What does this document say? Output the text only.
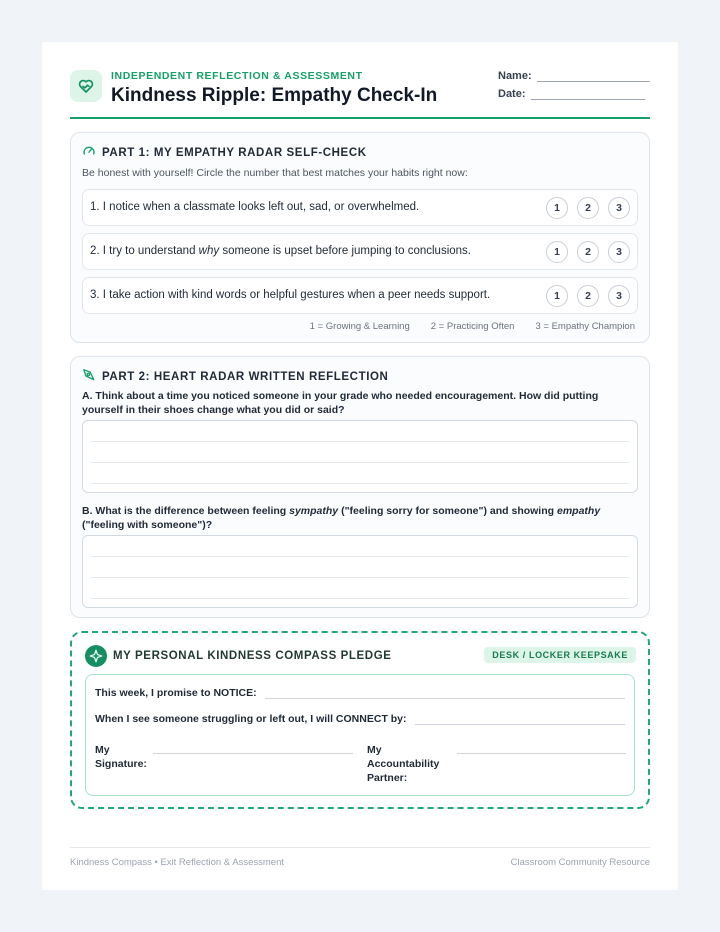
INDEPENDENT REFLECTION & ASSESSMENT
Kindness Ripple: Empathy Check-In
Name:
Date:
PART 1: MY EMPATHY RADAR SELF-CHECK
Be honest with yourself! Circle the number that best matches your habits right now:
1. I notice when a classmate looks left out, sad, or overwhelmed.	1	2	3
2. I try to understand why someone is upset before jumping to conclusions.	1	2	3
3. I take action with kind words or helpful gestures when a peer needs support.	1	2	3
1 = Growing & Learning 2 = Practicing Often 3 = Empathy Champion
PART 2: HEART RADAR WRITTEN REFLECTION
A. Think about a time you noticed someone in your grade who needed encouragement. How did putting yourself in their shoes change what you did or said?
B. What is the difference between feeling sympathy ("feeling sorry for someone") and showing empathy ("feeling with someone")?
MY PERSONAL KINDNESS COMPASS PLEDGE	DESK / LOCKER KEEPSAKE
This week, I promise to NOTICE:
When I see someone struggling or left out, I will CONNECT by:
My Signature:
My Accountability Partner:
Kindness Compass • Exit Reflection & Assessment	Classroom Community Resource
